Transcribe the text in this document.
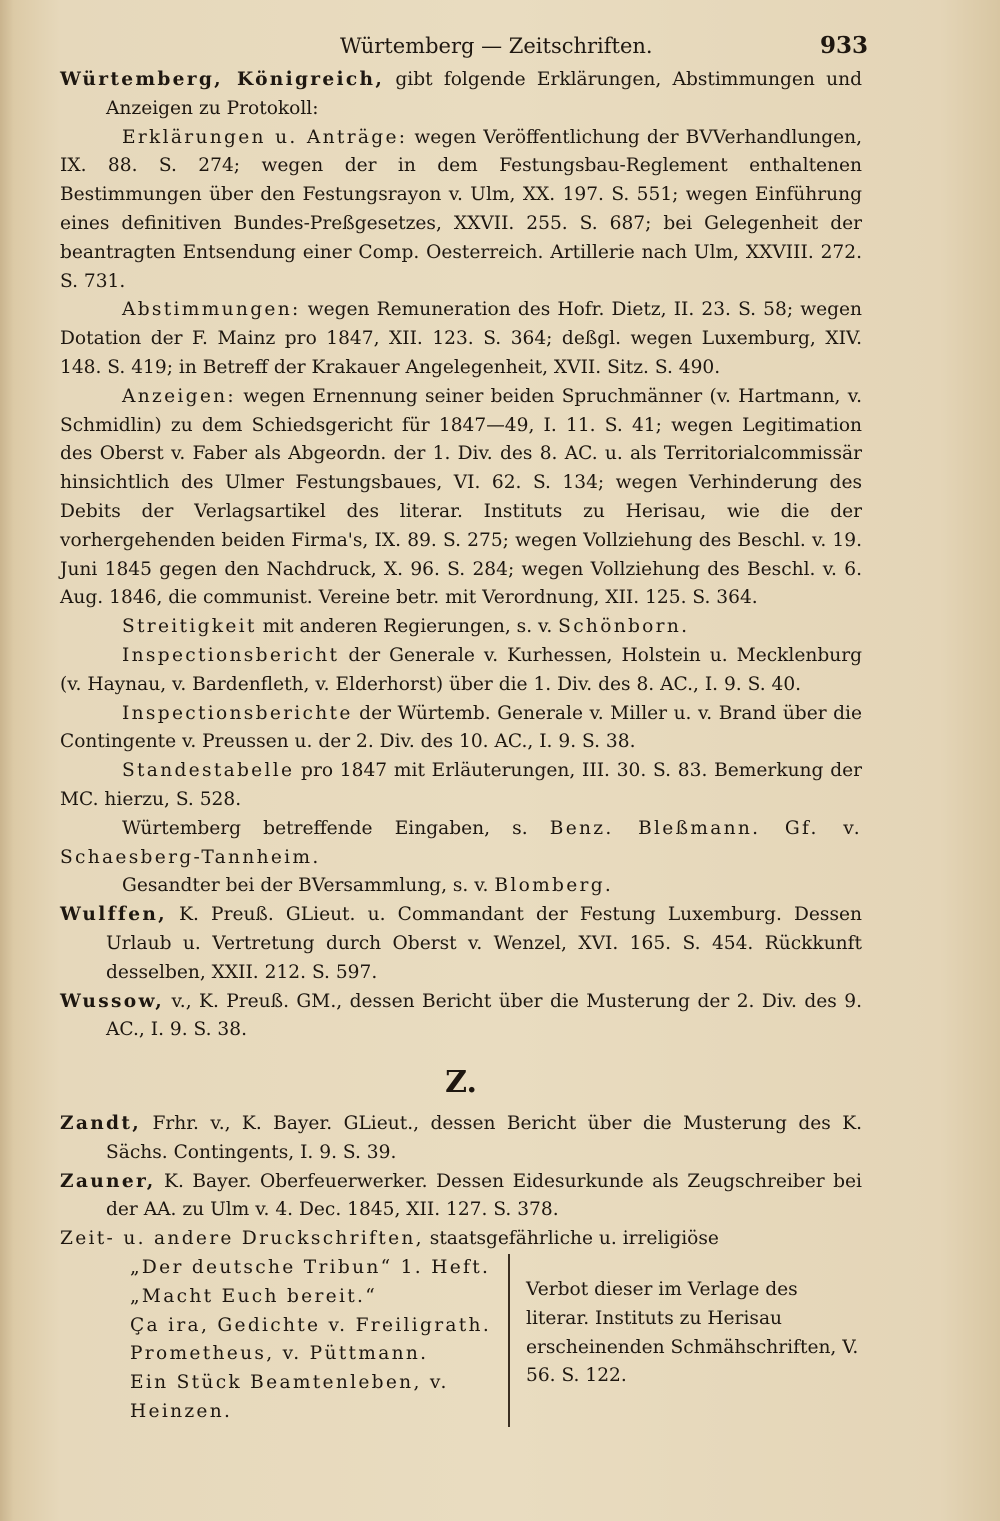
Würtemberg — Zeitschriften.	933

Würtemberg, Königreich, gibt folgende Erklärungen, Abstimmungen und Anzeigen zu Protokoll:

Erklärungen u. Anträge: wegen Veröffentlichung der BVVerhandlungen, IX. 88. S. 274; wegen der in dem Festungsbau-Reglement enthaltenen Bestimmungen über den Festungsrayon v. Ulm, XX. 197. S. 551; wegen Einführung eines definitiven Bundes-Preßgesetzes, XXVII. 255. S. 687; bei Gelegenheit der beantragten Entsendung einer Comp. Oesterreich. Artillerie nach Ulm, XXVIII. 272. S. 731.

Abstimmungen: wegen Remuneration des Hofr. Dietz, II. 23. S. 58; wegen Dotation der F. Mainz pro 1847, XII. 123. S. 364; deßgl. wegen Luxemburg, XIV. 148. S. 419; in Betreff der Krakauer Angelegenheit, XVII. Sitz. S. 490.

Anzeigen: wegen Ernennung seiner beiden Spruchmänner (v. Hartmann, v. Schmidlin) zu dem Schiedsgericht für 1847—49, I. 11. S. 41; wegen Legitimation des Oberst v. Faber als Abgeordn. der 1. Div. des 8. AC. u. als Territorialcommissär hinsichtlich des Ulmer Festungsbaues, VI. 62. S. 134; wegen Verhinderung des Debits der Verlagsartikel des literar. Instituts zu Herisau, wie die der vorhergehenden beiden Firma's, IX. 89. S. 275; wegen Vollziehung des Beschl. v. 19. Juni 1845 gegen den Nachdruck, X. 96. S. 284; wegen Vollziehung des Beschl. v. 6. Aug. 1846, die communist. Vereine betr. mit Verordnung, XII. 125. S. 364.

Streitigkeit mit anderen Regierungen, s. v. Schönborn.

Inspectionsbericht der Generale v. Kurhessen, Holstein u. Mecklenburg (v. Haynau, v. Bardenfleth, v. Elderhorst) über die 1. Div. des 8. AC., I. 9. S. 40.

Inspectionsberichte der Würtemb. Generale v. Miller u. v. Brand über die Contingente v. Preussen u. der 2. Div. des 10. AC., I. 9. S. 38.

Standestabelle pro 1847 mit Erläuterungen, III. 30. S. 83. Bemerkung der MC. hierzu, S. 528.

Würtemberg betreffende Eingaben, s. Benz. Bleßmann. Gf. v. Schaesberg-Tannheim.

Gesandter bei der BVersammlung, s. v. Blomberg.

Wulffen, K. Preuß. GLieut. u. Commandant der Festung Luxemburg. Dessen Urlaub u. Vertretung durch Oberst v. Wenzel, XVI. 165. S. 454. Rückkunft desselben, XXII. 212. S. 597.

Wussow, v., K. Preuß. GM., dessen Bericht über die Musterung der 2. Div. des 9. AC., I. 9. S. 38.

Z.

Zandt, Frhr. v., K. Bayer. GLieut., dessen Bericht über die Musterung des K. Sächs. Contingents, I. 9. S. 39.

Zauner, K. Bayer. Oberfeuerwerker. Dessen Eidesurkunde als Zeugschreiber bei der AA. zu Ulm v. 4. Dec. 1845, XII. 127. S. 378.

Zeit- u. andere Druckschriften, staatsgefährliche u. irreligiöse

„Der deutsche Tribun“ 1. Heft.

„Macht Euch bereit.“

Ça ira, Gedichte v. Freiligrath.

Prometheus, v. Püttmann.

Ein Stück Beamtenleben, v. Heinzen.

Verbot dieser im Verlage des literar. Instituts zu Herisau erscheinenden Schmähschriften, V. 56. S. 122.
